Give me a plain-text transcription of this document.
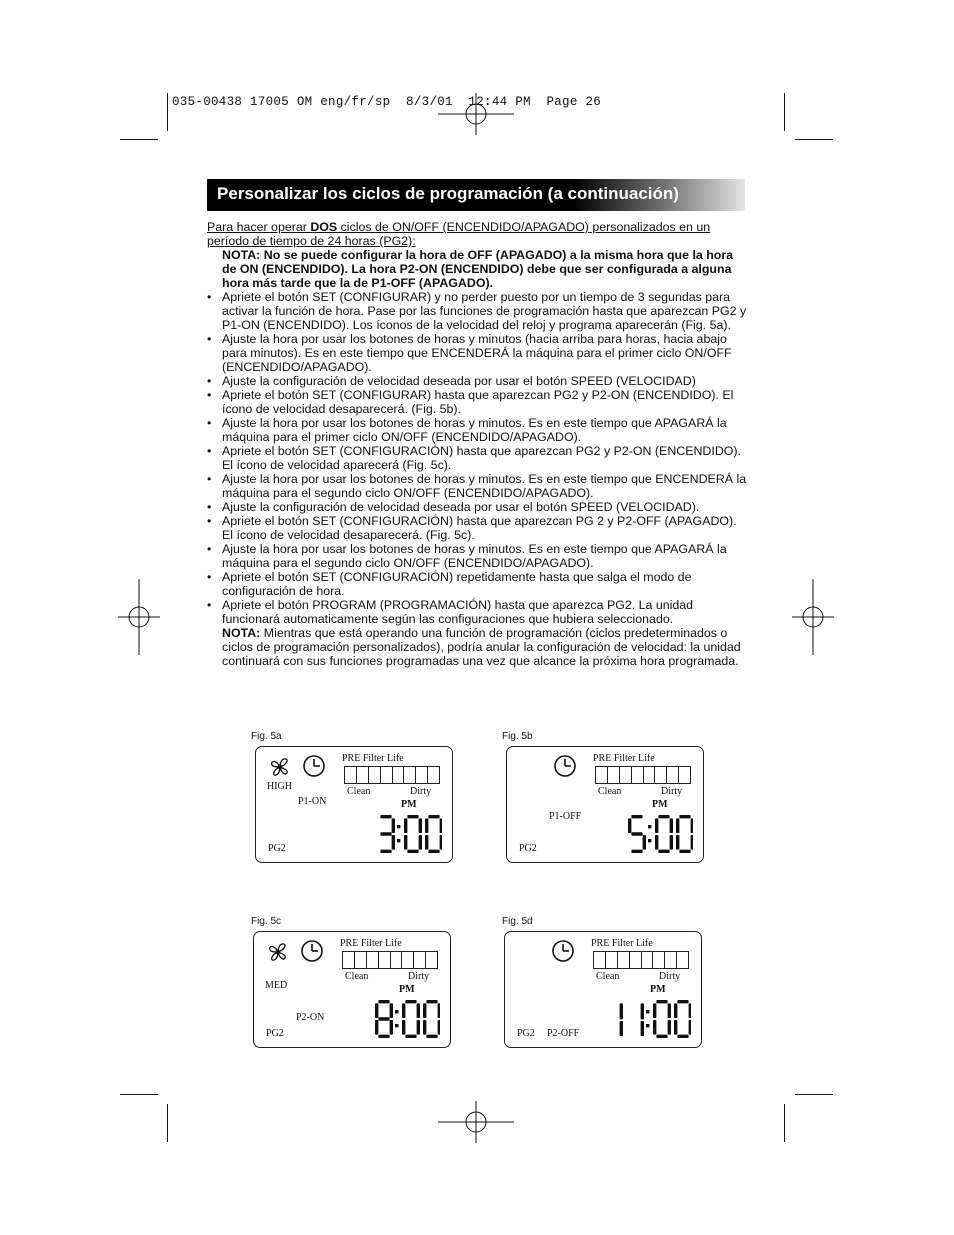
035-00438 17005 OM eng/fr/sp  8/3/01  12:44 PM  Page 26
Personalizar los ciclos de programación (a continuación)

Para hacer operar DOS ciclos de ON/OFF (ENCENDIDO/APAGADO) personalizados en un período de tiempo de 24 horas (PG2):

NOTA: No se puede configurar la hora de OFF (APAGADO) a la misma hora que la hora de ON (ENCENDIDO). La hora P2-ON (ENCENDIDO) debe que ser configurada a alguna hora más tarde que la de P1-OFF (APAGADO).

• Apriete el botón SET (CONFIGURAR) y no perder puesto por un tiempo de 3 segundas para activar la función de hora. Pase por las funciones de programación hasta que aparezcan PG2 y P1-ON (ENCENDIDO). Los íconos de la velocidad del reloj y programa aparecerán (Fig. 5a).
• Ajuste la hora por usar los botones de horas y minutos (hacia arriba para horas, hacia abajo para minutos). Es en este tiempo que ENCENDERÁ la máquina para el primer ciclo ON/OFF (ENCENDIDO/APAGADO).
• Ajuste la configuración de velocidad deseada por usar el botón SPEED (VELOCIDAD)
• Apriete el botón SET (CONFIGURAR) hasta que aparezcan PG2 y P2-ON (ENCENDIDO). El ícono de velocidad desaparecerá. (Fig. 5b).
• Ajuste la hora por usar los botones de horas y minutos. Es en este tiempo que APAGARÁ la máquina para el primer ciclo ON/OFF (ENCENDIDO/APAGADO).
• Apriete el botón SET (CONFIGURACIÓN) hasta que aparezcan PG2 y P2-ON (ENCENDIDO). El ícono de velocidad aparecerá (Fig. 5c).
• Ajuste la hora por usar los botones de horas y minutos. Es en este tiempo que ENCENDERÁ la máquina para el segundo ciclo ON/OFF (ENCENDIDO/APAGADO).
• Ajuste la configuración de velocidad deseada por usar el botón SPEED (VELOCIDAD).
• Apriete el botón SET (CONFIGURACIÓN) hasta que aparezcan PG 2 y P2-OFF (APAGADO). El ícono de velocidad desaparecerá. (Fig. 5c).
• Ajuste la hora por usar los botones de horas y minutos. Es en este tiempo que APAGARÁ la máquina para el segundo ciclo ON/OFF (ENCENDIDO/APAGADO).
• Apriete el botón SET (CONFIGURACIÓN) repetidamente hasta que salga el modo de configuración de hora.
• Apriete el botón PROGRAM (PROGRAMACIÓN) hasta que aparezca PG2. La unidad funcionará automaticamente según las configuraciones que hubiera seleccionado.

NOTA: Mientras que está operando una función de programación (ciclos predeterminados o ciclos de programación personalizados), podría anular la configuración de velocidad: la unidad continuará con sus funciones programadas una vez que alcance la próxima hora programada.

Fig. 5a
PRE Filter Life
Clean	Dirty
PM
HIGH
P1-ON
PG2
Fig. 5b
PRE Filter Life
Clean	Dirty
PM
P1-OFF
PG2
Fig. 5c
PRE Filter Life
Clean	Dirty
PM
MED
P2-ON
PG2
Fig. 5d
PRE Filter Life
Clean	Dirty
PM
P2-OFF
PG2
